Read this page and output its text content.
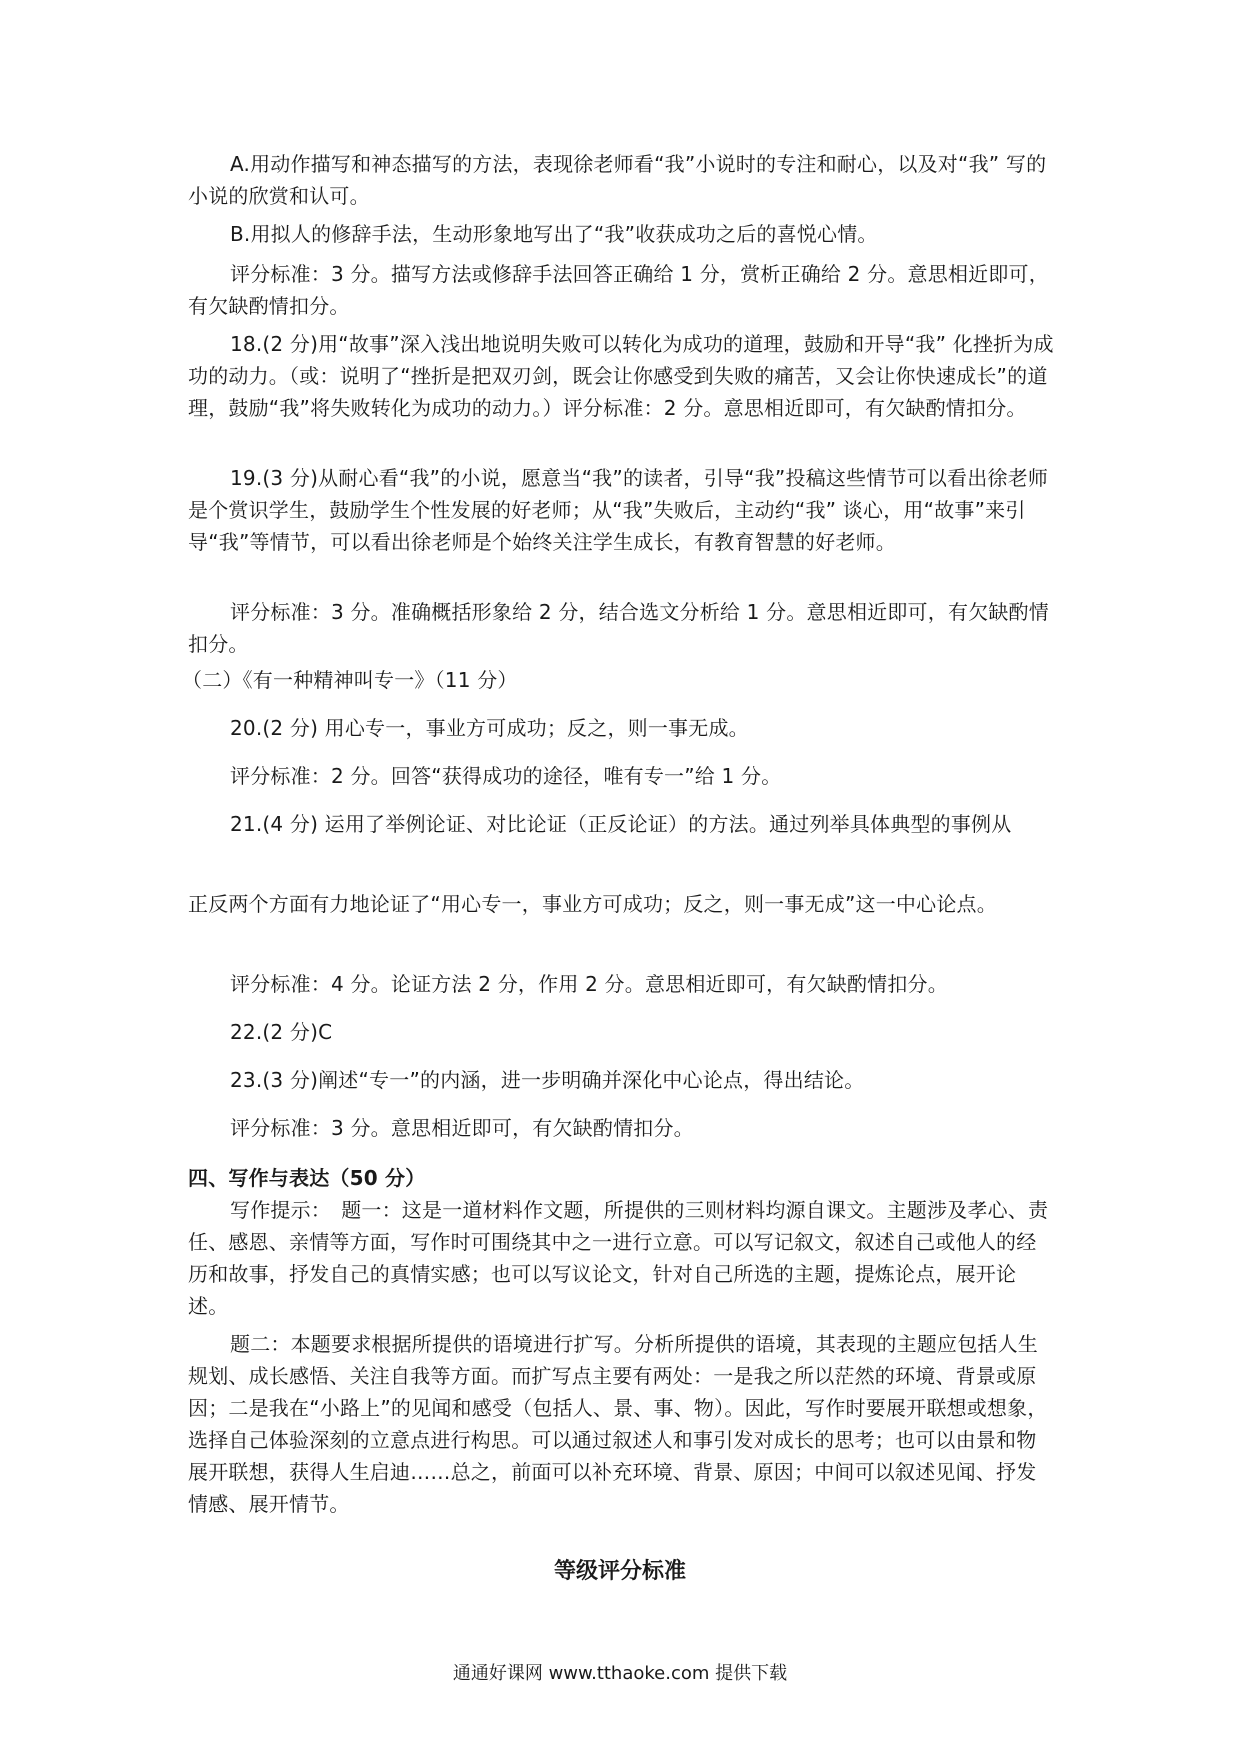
A.用动作描写和神态描写的方法，表现徐老师看“我”小说时的专注和耐心，以及对“我” 写的小说的欣赏和认可。

B.用拟人的修辞手法，生动形象地写出了“我”收获成功之后的喜悦心情。

评分标准：3 分。描写方法或修辞手法回答正确给 1 分，赏析正确给 2 分。意思相近即可，有欠缺酌情扣分。

18.(2 分)用“故事”深入浅出地说明失败可以转化为成功的道理，鼓励和开导“我” 化挫折为成功的动力。（或：说明了“挫折是把双刃剑，既会让你感受到失败的痛苦，又会让你快速成长”的道理，鼓励“我”将失败转化为成功的动力。）评分标准：2 分。意思相近即可，有欠缺酌情扣分。

19.(3 分)从耐心看“我”的小说，愿意当“我”的读者，引导“我”投稿这些情节可以看出徐老师是个赏识学生，鼓励学生个性发展的好老师；从“我”失败后，主动约“我” 谈心，用“故事”来引导“我”等情节，可以看出徐老师是个始终关注学生成长，有教育智慧的好老师。

评分标准：3 分。准确概括形象给 2 分，结合选文分析给 1 分。意思相近即可，有欠缺酌情扣分。

（二）《有一种精神叫专一》（11 分）

20.(2 分) 用心专一，事业方可成功；反之，则一事无成。

评分标准：2 分。回答“获得成功的途径，唯有专一”给 1 分。

21.(4 分) 运用了举例论证、对比论证（正反论证）的方法。通过列举具体典型的事例从

正反两个方面有力地论证了“用心专一，事业方可成功；反之，则一事无成”这一中心论点。

评分标准：4 分。论证方法 2 分，作用 2 分。意思相近即可，有欠缺酌情扣分。

22.(2 分)C

23.(3 分)阐述“专一”的内涵，进一步明确并深化中心论点，得出结论。

评分标准：3 分。意思相近即可，有欠缺酌情扣分。

四、写作与表达（50 分）

写作提示：　题一：这是一道材料作文题，所提供的三则材料均源自课文。主题涉及孝心、责任、感恩、亲情等方面，写作时可围绕其中之一进行立意。可以写记叙文，叙述自己或他人的经历和故事，抒发自己的真情实感；也可以写议论文，针对自己所选的主题，提炼论点，展开论述。

题二：本题要求根据所提供的语境进行扩写。分析所提供的语境，其表现的主题应包括人生规划、成长感悟、关注自我等方面。而扩写点主要有两处：一是我之所以茫然的环境、背景或原因；二是我在“小路上”的见闻和感受（包括人、景、事、物）。因此，写作时要展开联想或想象，选择自己体验深刻的立意点进行构思。可以通过叙述人和事引发对成长的思考；也可以由景和物展开联想，获得人生启迪……总之，前面可以补充环境、背景、原因；中间可以叙述见闻、抒发情感、展开情节。

等级评分标准
通通好课网 www.tthaoke.com 提供下载
